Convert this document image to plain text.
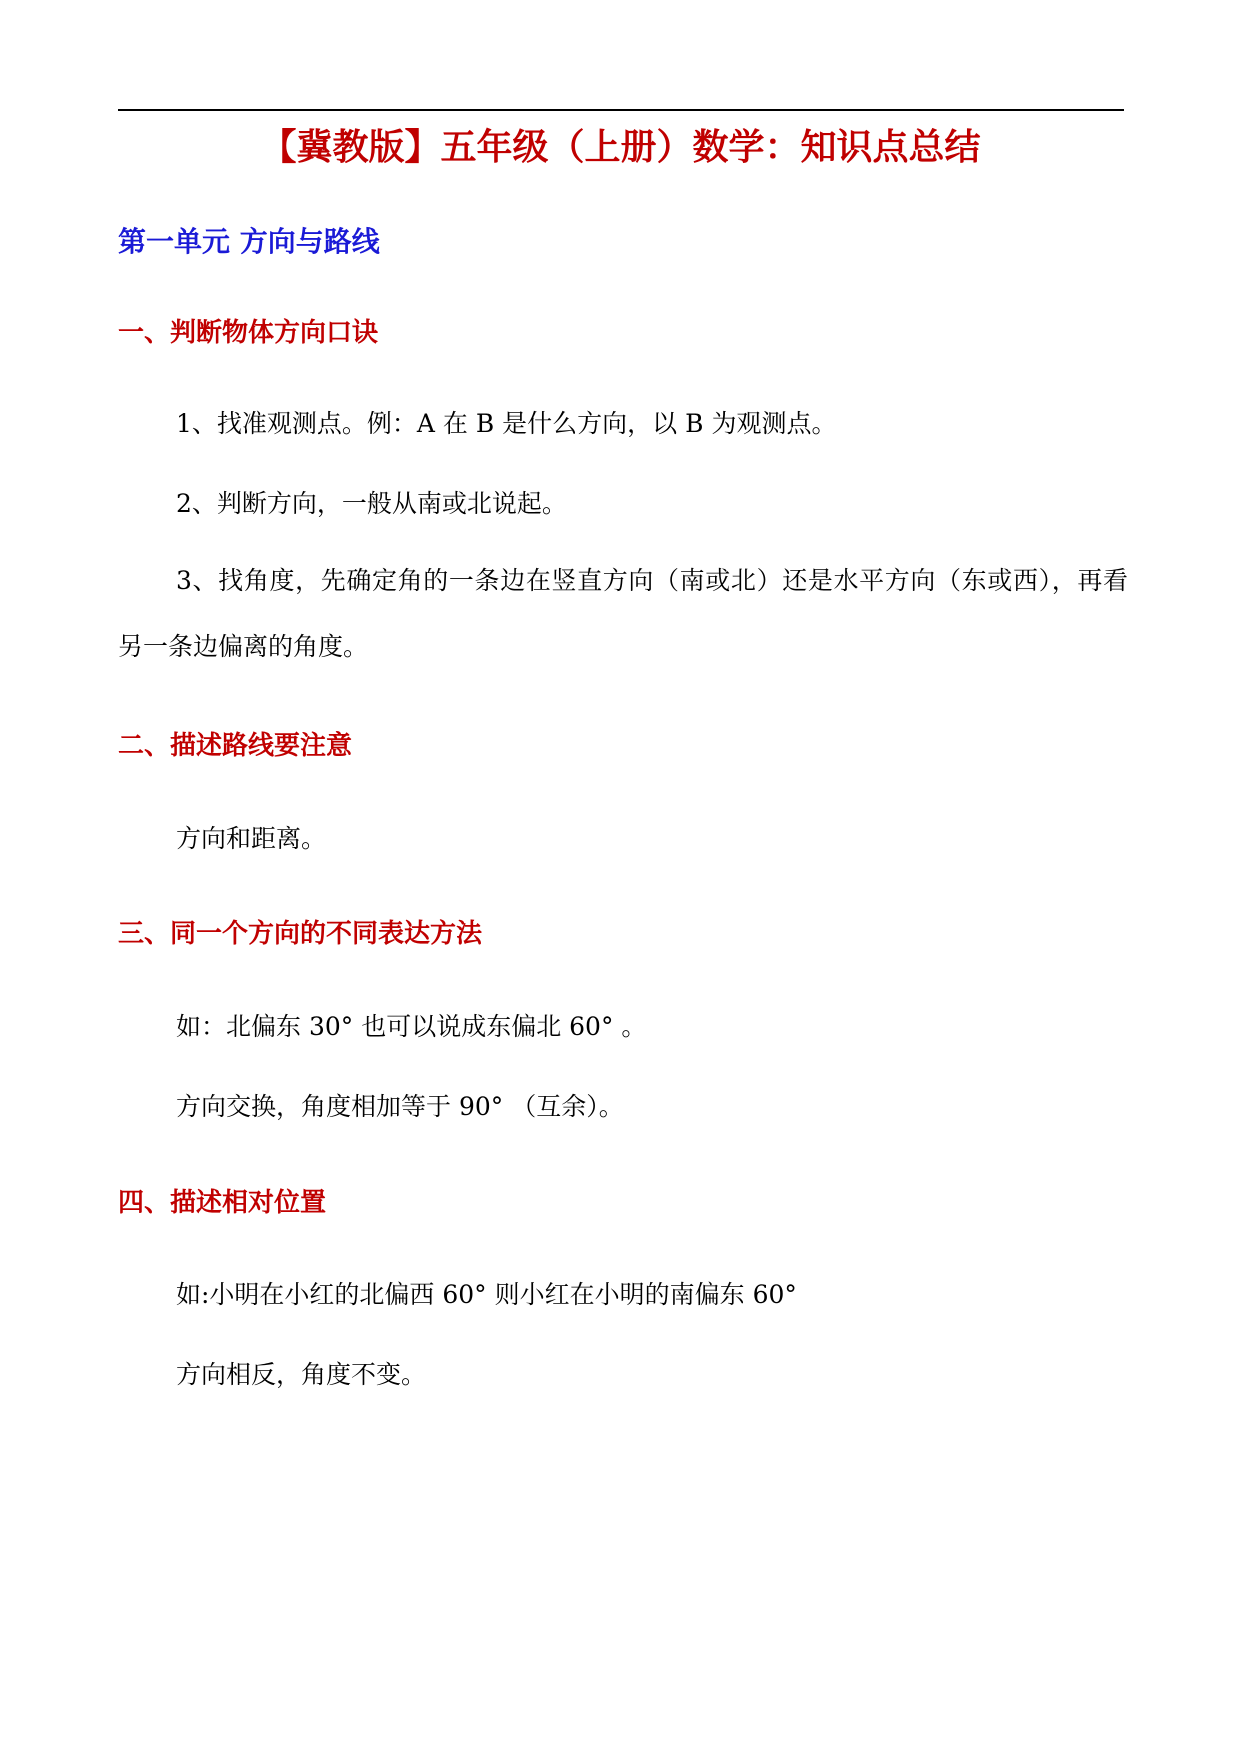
【冀教版】五年级（上册）数学：知识点总结
第一单元 方向与路线
一、判断物体方向口诀
1、找准观测点。例：A 在 B 是什么方向，以 B 为观测点。
2、判断方向，一般从南或北说起。
3、找角度，先确定角的一条边在竖直方向（南或北）还是水平方向（东或西），再看另一条边偏离的角度。
二、描述路线要注意
方向和距离。
三、同一个方向的不同表达方法
如：北偏东 30° 也可以说成东偏北 60° 。
方向交换，角度相加等于 90° （互余）。
四、描述相对位置
如:小明在小红的北偏西 60° 则小红在小明的南偏东 60°
方向相反，角度不变。
